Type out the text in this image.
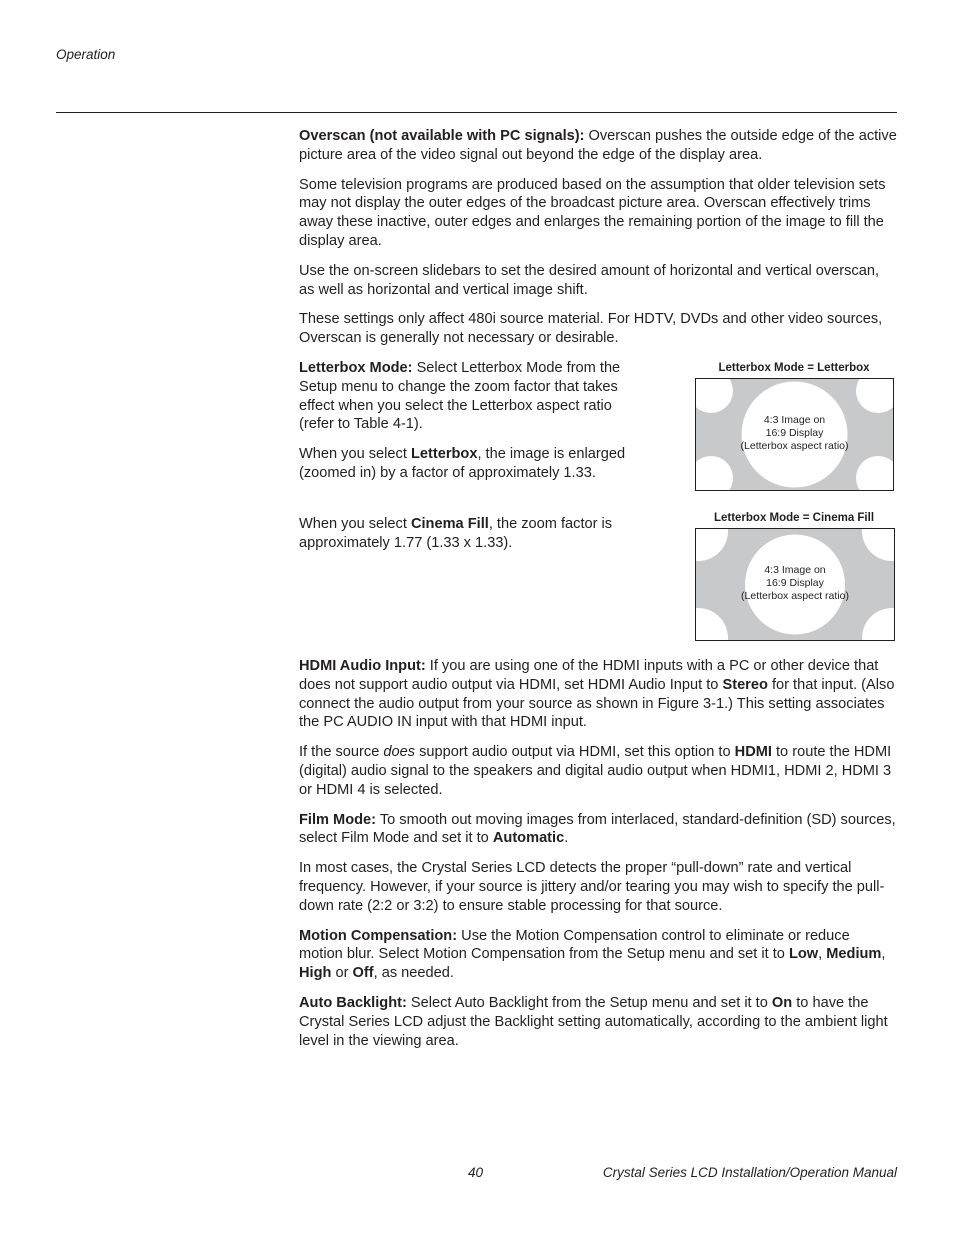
Operation

Overscan (not available with PC signals): Overscan pushes the outside edge of the active picture area of the video signal out beyond the edge of the display area.

Some television programs are produced based on the assumption that older television sets may not display the outer edges of the broadcast picture area. Overscan effectively trims away these inactive, outer edges and enlarges the remaining portion of the image to fill the display area.

Use the on-screen slidebars to set the desired amount of horizontal and vertical overscan, as well as horizontal and vertical image shift.

These settings only affect 480i source material. For HDTV, DVDs and other video sources, Overscan is generally not necessary or desirable.

Letterbox Mode: Select Letterbox Mode from the Setup menu to change the zoom factor that takes effect when you select the Letterbox aspect ratio (refer to Table 4-1).

When you select Letterbox, the image is enlarged (zoomed in) by a factor of approximately 1.33.

When you select Cinema Fill, the zoom factor is approximately 1.77 (1.33 x 1.33).

Letterbox Mode = Letterbox
4:3 Image on
16:9 Display
(Letterbox aspect ratio)
Letterbox Mode = Cinema Fill
4:3 Image on
16:9 Display
(Letterbox aspect ratio)

HDMI Audio Input: If you are using one of the HDMI inputs with a PC or other device that does not support audio output via HDMI, set HDMI Audio Input to Stereo for that input. (Also connect the audio output from your source as shown in Figure 3-1.) This setting associates the PC AUDIO IN input with that HDMI input.

If the source does support audio output via HDMI, set this option to HDMI to route the HDMI (digital) audio signal to the speakers and digital audio output when HDMI1, HDMI 2, HDMI 3 or HDMI 4 is selected.

Film Mode: To smooth out moving images from interlaced, standard-definition (SD) sources, select Film Mode and set it to Automatic.

In most cases, the Crystal Series LCD detects the proper “pull-down” rate and vertical frequency. However, if your source is jittery and/or tearing you may wish to specify the pull-down rate (2:2 or 3:2) to ensure stable processing for that source.

Motion Compensation: Use the Motion Compensation control to eliminate or reduce motion blur. Select Motion Compensation from the Setup menu and set it to Low, Medium, High or Off, as needed.

Auto Backlight: Select Auto Backlight from the Setup menu and set it to On to have the Crystal Series LCD adjust the Backlight setting automatically, according to the ambient light level in the viewing area.

40	Crystal Series LCD Installation/Operation Manual
